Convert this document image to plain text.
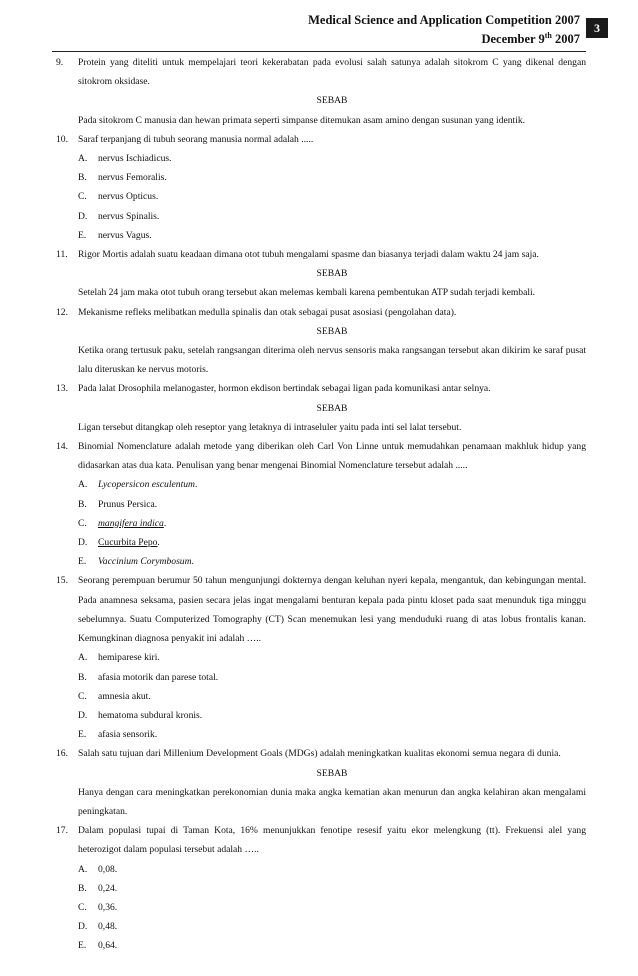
Medical Science and Application Competition 2007
December 9th 2007
3
9.	Protein yang diteliti untuk mempelajari teori kekerabatan pada evolusi salah satunya adalah sitokrom C yang dikenal dengan sitokrom oksidase.
SEBAB
Pada sitokrom C manusia dan hewan primata seperti simpanse ditemukan asam amino dengan susunan yang identik.
10.	Saraf terpanjang di tubuh seorang manusia normal adalah .....
A. nervus Ischiadicus.
B. nervus Femoralis.
C. nervus Opticus.
D. nervus Spinalis.
E. nervus Vagus.
11.	Rigor Mortis adalah suatu keadaan dimana otot tubuh mengalami spasme dan biasanya terjadi dalam waktu 24 jam saja.
SEBAB
Setelah 24 jam maka otot tubuh orang tersebut akan melemas kembali karena pembentukan ATP sudah terjadi kembali.
12.	Mekanisme refleks melibatkan medulla spinalis dan otak sebagai pusat asosiasi (pengolahan data).
SEBAB
Ketika orang tertusuk paku, setelah rangsangan diterima oleh nervus sensoris maka rangsangan tersebut akan dikirim ke saraf pusat lalu diteruskan ke nervus motoris.
13.	Pada lalat Drosophila melanogaster, hormon ekdison bertindak sebagai ligan pada komunikasi antar selnya.
SEBAB
Ligan tersebut ditangkap oleh reseptor yang letaknya di intraseluler yaitu pada inti sel lalat tersebut.
14.	Binomial Nomenclature adalah metode yang diberikan oleh Carl Von Linne untuk memudahkan penamaan makhluk hidup yang didasarkan atas dua kata. Penulisan yang benar mengenai Binomial Nomenclature tersebut adalah .....
A. Lycopersicon esculentum.
B. Prunus Persica.
C. mangifera indica.
D. Cucurbita Pepo.
E. Vaccinium Corymbosum.
15.	Seorang perempuan berumur 50 tahun mengunjungi dokternya dengan keluhan nyeri kepala, mengantuk, dan kebingungan mental. Pada anamnesa seksama, pasien secara jelas ingat mengalami benturan kepala pada pintu kloset pada saat menunduk tiga minggu sebelumnya. Suatu Computerized Tomography (CT) Scan menemukan lesi yang menduduki ruang di atas lobus frontalis kanan. Kemungkinan diagnosa penyakit ini adalah …..
A. hemiparese kiri.
B. afasia motorik dan parese total.
C. amnesia akut.
D. hematoma subdural kronis.
E. afasia sensorik.
16.	Salah satu tujuan dari Millenium Development Goals (MDGs) adalah meningkatkan kualitas ekonomi semua negara di dunia.
SEBAB
Hanya dengan cara meningkatkan perekonomian dunia maka angka kematian akan menurun dan angka kelahiran akan mengalami peningkatan.
17.	Dalam populasi tupai di Taman Kota, 16% menunjukkan fenotipe resesif yaitu ekor melengkung (tt). Frekuensi alel yang heterozigot dalam populasi tersebut adalah …..
A. 0,08.
B. 0,24.
C. 0,36.
D. 0,48.
E. 0,64.
